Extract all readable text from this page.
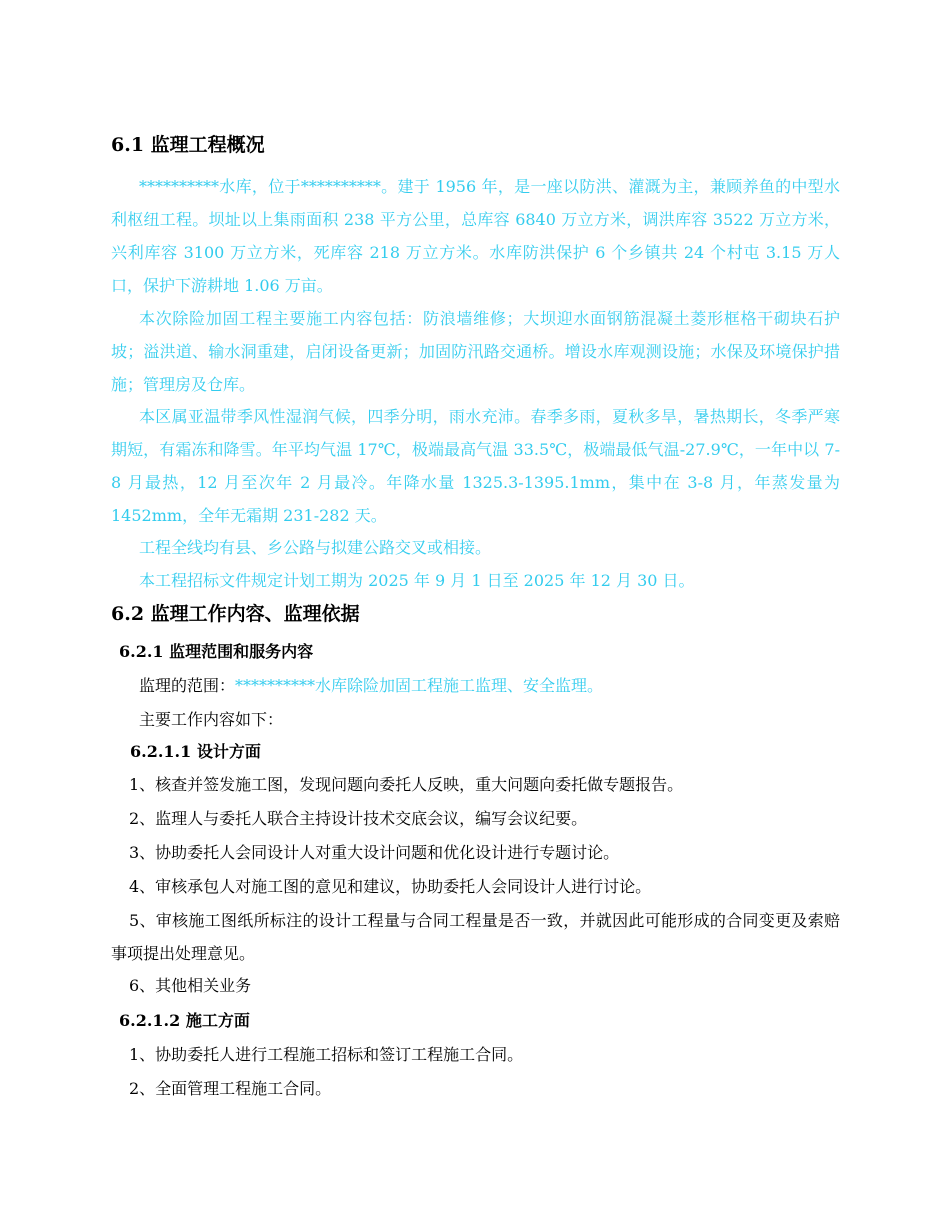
6.1 监理工程概况

**********水库，位于**********。建于 1956 年，是一座以防洪、灌溉为主，兼顾养鱼的中型水利枢纽工程。坝址以上集雨面积 238 平方公里，总库容 6840 万立方米，调洪库容 3522 万立方米，兴利库容 3100 万立方米，死库容 218 万立方米。水库防洪保护 6 个乡镇共 24 个村屯 3.15 万人口，保护下游耕地 1.06 万亩。

本次除险加固工程主要施工内容包括：防浪墙维修；大坝迎水面钢筋混凝土菱形框格干砌块石护坡；溢洪道、输水洞重建，启闭设备更新；加固防汛路交通桥。增设水库观测设施；水保及环境保护措施；管理房及仓库。

本区属亚温带季风性湿润气候，四季分明，雨水充沛。春季多雨，夏秋多旱，暑热期长，冬季严寒期短，有霜冻和降雪。年平均气温 17℃，极端最高气温 33.5℃，极端最低气温-27.9℃，一年中以 7-8 月最热，12 月至次年 2 月最冷。年降水量 1325.3-1395.1mm，集中在 3-8 月，年蒸发量为 1452mm，全年无霜期 231-282 天。

工程全线均有县、乡公路与拟建公路交叉或相接。

本工程招标文件规定计划工期为 2025 年 9 月 1 日至 2025 年 12 月 30 日。

6.2 监理工作内容、监理依据
6.2.1 监理范围和服务内容
监理的范围：**********水库除险加固工程施工监理、安全监理。
主要工作内容如下：
6.2.1.1 设计方面

1、核查并签发施工图，发现问题向委托人反映，重大问题向委托做专题报告。

2、监理人与委托人联合主持设计技术交底会议，编写会议纪要。

3、协助委托人会同设计人对重大设计问题和优化设计进行专题讨论。

4、审核承包人对施工图的意见和建议，协助委托人会同设计人进行讨论。

5、审核施工图纸所标注的设计工程量与合同工程量是否一致，并就因此可能形成的合同变更及索赔事项提出处理意见。

6、其他相关业务

6.2.1.2 施工方面

1、协助委托人进行工程施工招标和签订工程施工合同。

2、全面管理工程施工合同。
